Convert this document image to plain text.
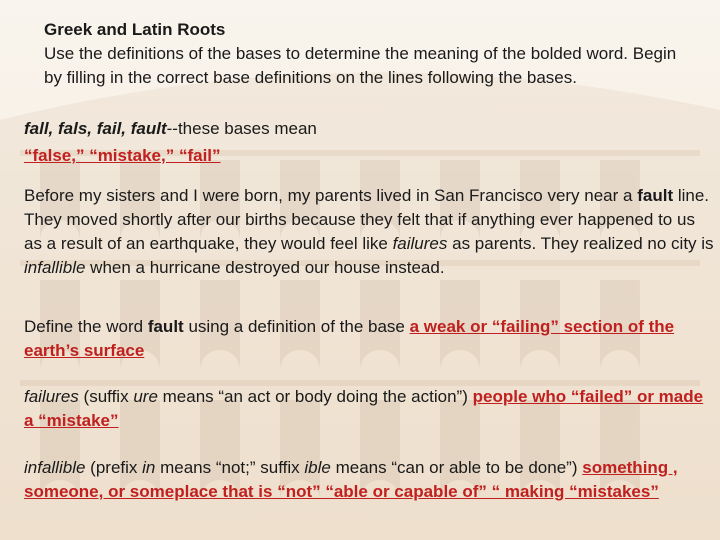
Greek and Latin Roots
Use the definitions of the bases to determine the meaning of the bolded word. Begin by filling in the correct base definitions on the lines following the bases.

fall, fals, fail, fault--these bases mean

“false,” “mistake,” “fail”

Before my sisters and I were born, my parents lived in San Francisco very near a fault line. They moved shortly after our births because they felt that if anything ever happened to us as a result of an earthquake, they would feel like failures as parents. They realized no city is infallible when a hurricane destroyed our house instead.

Define the word fault using a definition of the base a weak or “failing” section of the earth’s surface

failures (suffix ure means “an act or body doing the action”) people who “failed” or made a “mistake”

infallible (prefix in means “not;” suffix ible means “can or able to be done”) something , someone, or someplace that is “not” “able or capable of” “ making “mistakes”
